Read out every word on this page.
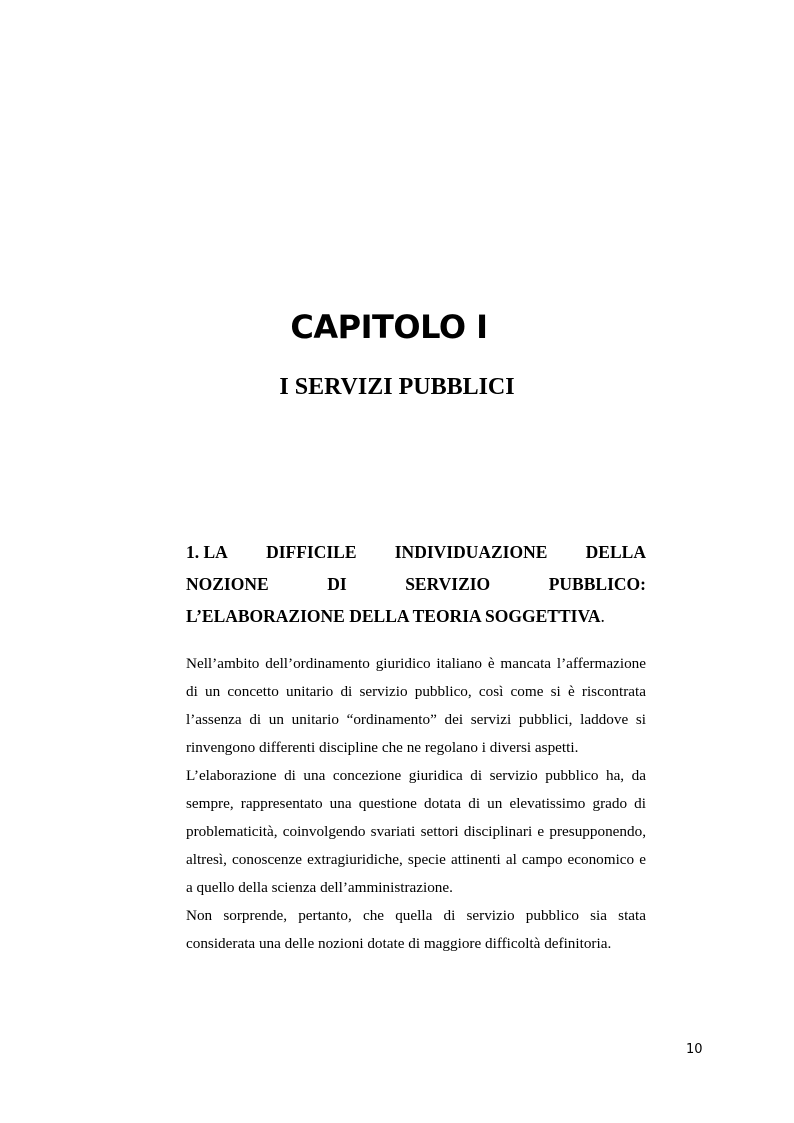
CAPITOLO I
I SERVIZI PUBBLICI
1. LA DIFFICILE INDIVIDUAZIONE DELLA
NOZIONE	DI	SERVIZIO	PUBBLICO:
L’ELABORAZIONE DELLA TEORIA SOGGETTIVA .

Nell’ambito dell’ordinamento giuridico italiano è mancata l’affermazione di un concetto unitario di servizio pubblico, così come si è riscontrata l’assenza di un unitario “ordinamento” dei servizi pubblici, laddove si rinvengono differenti discipline che ne regolano i diversi aspetti.

L’elaborazione di una concezione giuridica di servizio pubblico ha, da sempre, rappresentato una questione dotata di un elevatissimo grado di problematicità, coinvolgendo svariati settori disciplinari e presupponendo, altresì, conoscenze extragiuridiche, specie attinenti al campo economico e a quello della scienza dell’amministrazione.

Non sorprende, pertanto, che quella di servizio pubblico sia stata considerata una delle nozioni dotate di maggiore difficoltà definitoria.

10
